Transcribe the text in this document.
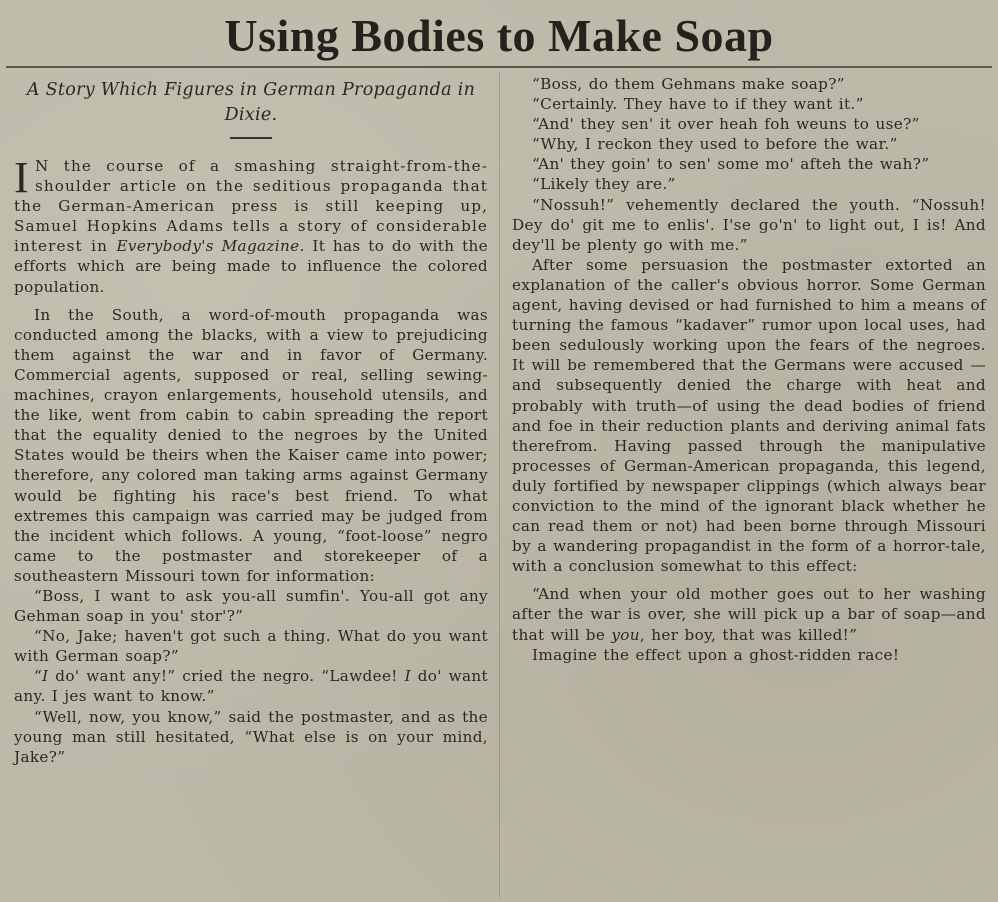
Using Bodies to Make Soap
A Story Which Figures in German Propaganda in Dixie.

I N the course of a smashing straight-from-the-shoulder article on the seditious propaganda that the German-American press is still keeping up, Samuel Hopkins Adams tells a story of considerable interest in Everybody's Magazine. It has to do with the efforts which are being made to influence the colored population.

In the South, a word-of-mouth propaganda was conducted among the blacks, with a view to prejudicing them against the war and in favor of Germany. Commercial agents, supposed or real, selling sewing-machines, crayon enlargements, household utensils, and the like, went from cabin to cabin spreading the report that the equality denied to the negroes by the United States would be theirs when the Kaiser came into power; therefore, any colored man taking arms against Germany would be fighting his race's best friend. To what extremes this campaign was carried may be judged from the incident which follows. A young, “foot-loose” negro came to the postmaster and storekeeper of a southeastern Missouri town for information:

“Boss, I want to ask you-all sumfin'. You-all got any Gehman soap in you' stor'?”

“No, Jake; haven't got such a thing. What do you want with German soap?”

“I do' want any!” cried the negro. “Lawdee! I do' want any. I jes want to know.”

“Well, now, you know,” said the postmaster, and as the young man still hesitated, “What else is on your mind, Jake?”

“Boss, do them Gehmans make soap?”

“Certainly. They have to if they want it.”

“And' they sen' it over heah foh weuns to use?”

“Why, I reckon they used to before the war.”

“An' they goin' to sen' some mo' afteh the wah?”

“Likely they are.”

“Nossuh!” vehemently declared the youth. “Nossuh! Dey do' git me to enlis'. I'se go'n' to light out, I is! And dey'll be plenty go with me.”

After some persuasion the postmaster extorted an explanation of the caller's obvious horror. Some German agent, having devised or had furnished to him a means of turning the famous “kadaver” rumor upon local uses, had been sedulously working upon the fears of the negroes. It will be remembered that the Germans were accused — and subsequently denied the charge with heat and probably with truth—of using the dead bodies of friend and foe in their reduction plants and deriving animal fats therefrom. Having passed through the manipulative processes of German-American propaganda, this legend, duly fortified by newspaper clippings (which always bear conviction to the mind of the ignorant black whether he can read them or not) had been borne through Missouri by a wandering propagandist in the form of a horror-tale, with a conclusion somewhat to this effect:

“And when your old mother goes out to her washing after the war is over, she will pick up a bar of soap—and that will be you, her boy, that was killed!”

Imagine the effect upon a ghost-ridden race!
